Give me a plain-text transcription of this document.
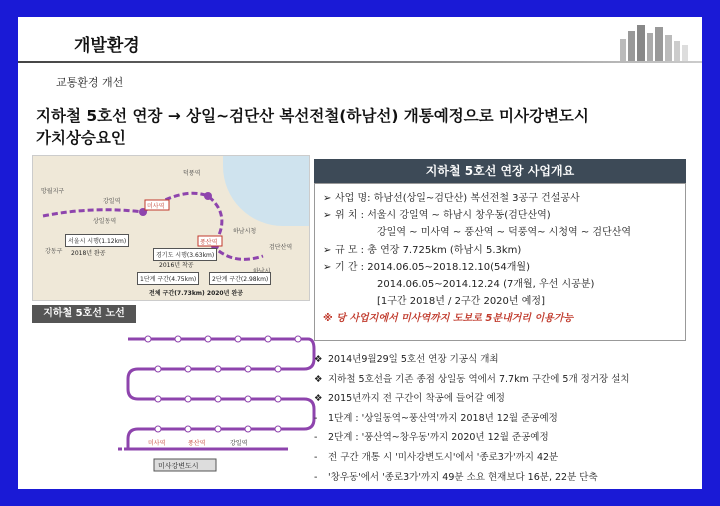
개발환경
교통환경 개선
지하철 5호선 연장 → 상일~검단산 복선전철(하남선) 개통예정으로 미사강변도시
가치상승요인
미사역
풍산역
강일역
상일동역
강동구
망월지구
하남시청
덕풍역
검단산역
서울시 시행(1.12km)
2018년 완공	경기도 시행(3.63km)
2016년 착공
1단계 구간(4.75km)	2단계 구간(2.98km)
전체 구간(7.73km) 2020년 완공
지하철 5호선 연장 사업개요
➢ 사업 명: 하남선(상일~검단산) 복선전철 3공구 건설공사
➢ 위 치 : 서울시 강일역 ~ 하남시 창우동(검단산역)
강일역 ~ 미사역 ~ 풍산역 ~ 덕풍역~ 시청역 ~ 검단산역
➢ 규 모 : 총 연장 7.725km (하남시 5.3km)
➢ 기 간 : 2014.06.05~2018.12.10(54개월)
2014.06.05~2014.12.24 (7개월, 우선 시공분)
[1구간 2018년 / 2구간 2020년 예정]
※ 당 사업지에서 미사역까지 도보로 5분내거리 이용가능
지하철 5호선 노선
미사강변도시
미사역	풍산역	강일역
❖ 2014년9월29일 5호선 연장 기공식 개최
❖ 지하철 5호선을 기존 종점 상일동 역에서 7.7km 구간에 5개 정거장 설치
❖ 2015년까지 전 구간이 착공에 들어갈 예정
- 1단계 : '상일동역~풍산역'까지 2018년 12월 준공예정
- 2단계 : '풍산역~창우동'까지 2020년 12월 준공예정
- 전 구간 개통 시 '미사강변도시'에서 '종로3가'까지 42분
- '창우동'에서 '종로3가'까지 49분 소요 현재보다 16분, 22분 단축
